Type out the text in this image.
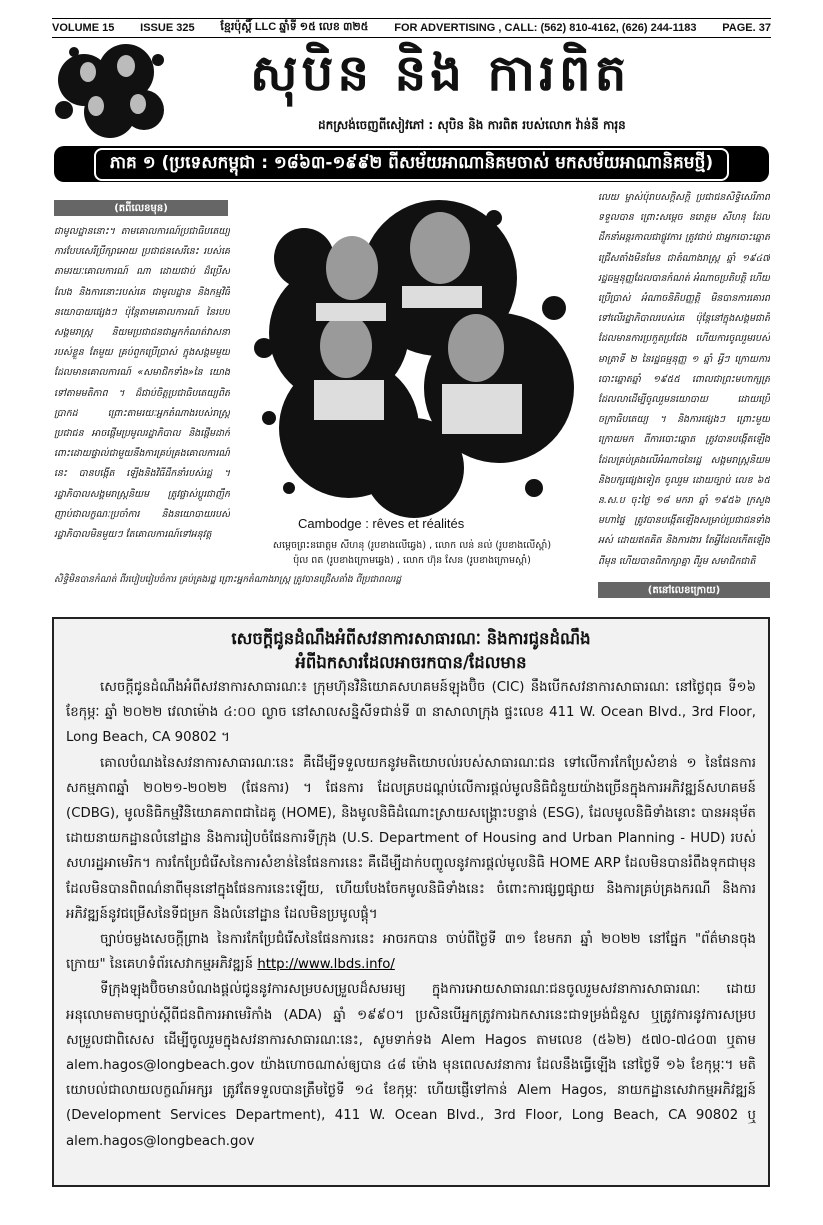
VOLUME 15 ISSUE 325 ខ្មែរប៉ុស្តិ៍ LLC ឆ្នាំទី ១៥ លេខ ៣២៥ FOR ADVERTISING , CALL: (562) 810-4162, (626) 244-1183 PAGE. 37
សុបិន និង ការពិត
ដកស្រង់ចេញពីសៀវភៅ : សុបិន និង ការពិត របស់លោក វ៉ាន់នី ការុន
ភាគ ១ (ប្រទេសកម្ពុជា : ១៨៦៣-១៩៩២ ពីសម័យអាណានិគមចាស់ មកសម័យអាណានិគមថ្មី)
(តពីលេខមុន)

ជាមូលដ្ឋាននោះ។ តាមគោលការណ៍ប្រជាធិបតេយ្យ ការបែបសេរីប្រឹក្សាអោយ ប្រជាជនសេរីនេះ របស់គេ តាមរយៈគោលការណ៍ ណា ដោយជាប់ ដ៏ប្រើសលែង និងការនោះរបស់គេ ជាមូលដ្ឋាន និងកម្មវិធីនយោបាយផ្សេងៗ ប៉ុន្តែតាមគោលការណ៍ នៃរបបសង្គមរាស្ត្រ និយមប្រជាជនជាអ្នកកំណត់វាសនារបស់ខ្លួន តែមួយ គ្រប់ពួកប្រើប្រាស់ ក្នុងសង្គមមួយដែលមានគោលការណ៍ «សមាជិកទាំង»នៃ យោងទៅតាមមតិភាព ។ ដ៏ជាប់ចិត្តប្រជាធិបតេយ្យពិតប្រាកដ ព្រោះតាមរយៈអ្នកតំណាងរបស់រាស្ត្រ ប្រជាជន អាចផ្ដើមប្រមូលរដ្ឋាភិបាល និងផ្ដើមដាក់ ពោះដោយផ្ទាល់ជាមួយនឹងការគ្រប់គ្រងគោលការណ៍នេះ បានបង្កើត ឡើងនិងវិធីដឹកនាំរបស់រដ្ឋ ។ រដ្ឋាភិបាលសង្គមរាស្ត្រនិយម ត្រូវផ្លាស់ប្ដូរជាញឹកញាប់ជាលក្ខណៈប្រចាំការ និងនយោបាយរបស់រដ្ឋាភិបាលមិនមួយៗ តែគោលការណ៍ទៅអនុវត្ត

Cambodge : rêves et réalités
សម្ដេចព្រះនរោត្តម សីហនុ (រូបខាងលើឆ្វេង) , លោក លន់ នល់ (រូបខាងលើស្ដាំ)
ប៉ុល ពត (រូបខាងក្រោមឆ្វេង) , លោក ហ៊ុន សែន (រូបខាងក្រោមស្ដាំ)
សិទ្ធិមិនបានកំណត់ ពីរបៀបរៀបចំការ គ្រប់គ្រងរដ្ឋ ព្រោះអ្នកតំណាងរាស្ត្រ ត្រូវបានជ្រើសតាំង ពីប្រជាពលរដ្ឋ

លេយ ម្ចាស់ប៉ុរាបសក្ដិសក្ដិ ប្រជាជនសិទ្ធិសេរីភាពទទួលបាន ព្រោះសម្ដេច នរោត្តម សីហនុ ដែលដឹកនាំអន្តរកាលជាផ្លូវការ ត្រូវជាប់ ជាអ្នកបោះឆ្នោតជ្រើសតាំងមិនមែន ជាតំណាងរាស្ត្រ ឆ្នាំ ១៩៤៧ រដ្ឋធម្មនុញ្ញដែលបានកំណត់ អំណាចប្រតិបត្តិ ហើយប្រើប្រាស់ អំណាចនិតិបញ្ញត្តិ មិនបានការគោរពទៅលើរដ្ឋាភិបាលរបស់គេ ប៉ុន្តែនៅក្នុងសង្គមជាតិ ដែលមានការប្រកួតប្រជែង ហើយការចូលរួមរបស់ មាត្រាទី ២ នៃរដ្ឋធម្មនុញ្ញ ១ ឆ្នាំ អ្វីៗ ក្រោយការបោះឆ្នោតឆ្នាំ ១៩៥៥ ពោលជាព្រះមហាក្សត្រ ដែលលាដើម្បីចូលរួមនយោបាយ ដោយប្រើ ចក្រាធិបតេយ្យ ។ និងការផ្សេងៗ ព្រោះមួយ ក្រោយមក ពីការបោះឆ្នោត ត្រូវបានបង្កើតឡើង ដែលគ្រប់គ្រងលើអំណាចនៃរដ្ឋ សង្គមរាស្ត្រនិយម និងបក្សផ្សេងទៀត ចូលរួម ដោយច្បាប់ លេខ ៦៥ ន.ស.ប ចុះថ្ងៃ ១៨ មករា ឆ្នាំ ១៩៥៦ ក្រសួងមហាផ្ទៃ ត្រូវបានបង្កើតឡើងសម្រាប់ប្រជាជនទាំងអស់ ដោយឥតគិត និងការងារ តែអ្វីដែលកើតឡើងពីមុន ហើយបានពិភាក្សាគ្នា ពីរួម សមាជិកជាតិ

(តនៅលេខក្រោយ)
សេចក្ដីជូនដំណឹងអំពីសវនាការសាធារណៈ និងការជូនដំណឹង
អំពីឯកសារដែលអាចរកបាន/ដែលមាន

សេចក្ដីជូនដំណឹងអំពីសវនាការសាធារណៈ៖ ក្រុមហ៊ុនវិនិយោគសហគមន៍ឡុងប៊ិច (CIC) នឹងបើកសវនាការសាធារណៈ នៅថ្ងៃពុធ ទី១៦ ខែកុម្ភៈ ឆ្នាំ ២០២២ វេលាម៉ោង ៤:០០ ល្ងាច នៅសាលសន្និសីទជាន់ទី ៣ នាសាលាក្រុង ផ្ទះលេខ 411 W. Ocean Blvd., 3rd Floor, Long Beach, CA 90802 ។

គោលបំណងនៃសវនាការសាធារណៈនេះ គឺដើម្បីទទួលយកនូវមតិយោបល់របស់សាធារណៈជន ទៅលើការកែប្រែសំខាន់ ១ នៃផែនការសកម្មភាពឆ្នាំ ២០២១-២០២២ (ផែនការ) ។ ផែនការ ដែលគ្របដណ្ដប់លើការផ្ដល់មូលនិធិជំនួយយ៉ាងច្រើនក្នុងការអភិវឌ្ឍន៍សហគមន៍ (CDBG), មូលនិធិកម្មវិនិយោគភាពជាដៃគូ (HOME), និងមូលនិធិដំណោះស្រាយសង្គ្រោះបន្ទាន់ (ESG), ដែលមូលនិធិទាំងនោះ បានអនុម័តដោយនាយកដ្ឋានលំនៅដ្ឋាន និងការរៀបចំផែនការទីក្រុង (U.S. Department of Housing and Urban Planning - HUD) របស់សហរដ្ឋអាមេរិក។ ការកែប្រែជំរើសនៃការសំខាន់នៃផែនការនេះ គឺដើម្បីដាក់បញ្ចូលនូវការផ្ដល់មូលនិធិ HOME ARP ដែលមិនបានរំពឹងទុកជាមុន ដែលមិនបានពិពណ៌នាពីមុននៅក្នុងផែនការនេះឡើយ, ហើយបែងចែកមូលនិធិទាំងនេះ ចំពោះការផ្សព្វផ្សាយ និងការគ្រប់គ្រងករណី និងការអភិវឌ្ឍន៍នូវជម្រើសនៃទីជម្រក និងលំនៅដ្ឋាន ដែលមិនប្រមូលផ្ដុំ។

ច្បាប់ចម្លងសេចក្ដីព្រាង នៃការកែប្រែជំរើសនៃផែនការនេះ អាចរកបាន ចាប់ពីថ្ងៃទី ៣១ ខែមករា ឆ្នាំ ២០២២ នៅផ្នែក "ព័ត៌មានចុងក្រោយ" នៃគេហទំព័រសេវាកម្មអភិវឌ្ឍន៍ http://www.lbds.info/

ទីក្រុងឡុងប៊ិចមានបំណងផ្ដល់ជូននូវការសម្របសម្រួលដ៏សមរម្យ ក្នុងការអោយសាធារណៈជនចូលរួមសវនាការសាធារណៈ ដោយអនុលោមតាមច្បាប់ស្ដីពីជនពិការអាមេរិកាំង (ADA) ឆ្នាំ ១៩៩០។ ប្រសិនបើអ្នកត្រូវការឯកសារនេះជាទម្រង់ជំនួស ឬត្រូវការនូវការសម្របសម្រួលជាពិសេស ដើម្បីចូលរួមក្នុងសវនាការសាធារណៈនេះ, សូមទាក់ទង Alem Hagos តាមលេខ (៥៦២) ៥៧០-៧៤០៣ ឬតាម alem.hagos@longbeach.gov យ៉ាងហោចណាស់ឲ្យបាន ៤៨ ម៉ោង មុនពេលសវនាការ ដែលនឹងធ្វើឡើង នៅថ្ងៃទី ១៦ ខែកុម្ភៈ។ មតិយោបល់ជាលាយលក្ខណ៍អក្សរ ត្រូវតែទទួលបានត្រឹមថ្ងៃទី ១៤ ខែកុម្ភៈ ហើយផ្ញើទៅកាន់ Alem Hagos, នាយកដ្ឋានសេវាកម្មអភិវឌ្ឍន៍ (Development Services Department), 411 W. Ocean Blvd., 3rd Floor, Long Beach, CA 90802 ឬ alem.hagos@longbeach.gov
